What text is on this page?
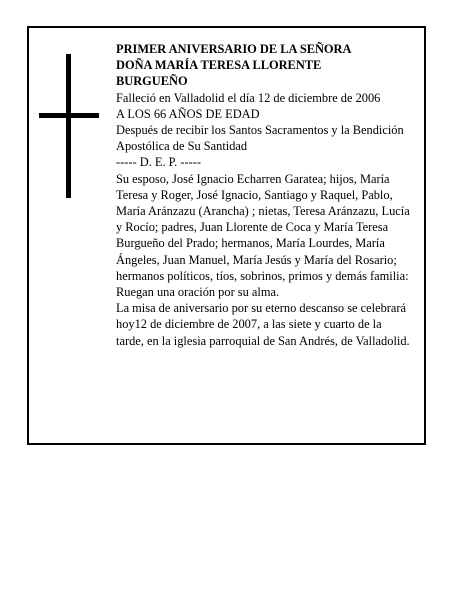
PRIMER ANIVERSARIO DE LA SEÑORA

DOÑA MARÍA TERESA LLORENTE

BURGUEÑO

Falleció en Valladolid el día 12 de diciembre de 2006

A LOS 66 AÑOS DE EDAD

Después de recibir los Santos Sacramentos y la Bendición Apostólica de Su Santidad

----- D. E. P. -----

Su esposo, José Ignacio Echarren Garatea; hijos, María Teresa y Roger, José Ignacio, Santiago y Raquel, Pablo, María Aránzazu (Arancha) ; nietas, Teresa Aránzazu, Lucía y Rocío; padres, Juan Llorente de Coca y María Teresa Burgueño del Prado; hermanos, María Lourdes, María Ángeles, Juan Manuel, María Jesús y María del Rosario; hermanos políticos, tíos, sobrinos, primos y demás familia:

Ruegan una oración por su alma.

La misa de aniversario por su eterno descanso se celebrará hoy12 de diciembre de 2007, a las siete y cuarto de la tarde, en la iglesia parroquial de San Andrés, de Valladolid.
